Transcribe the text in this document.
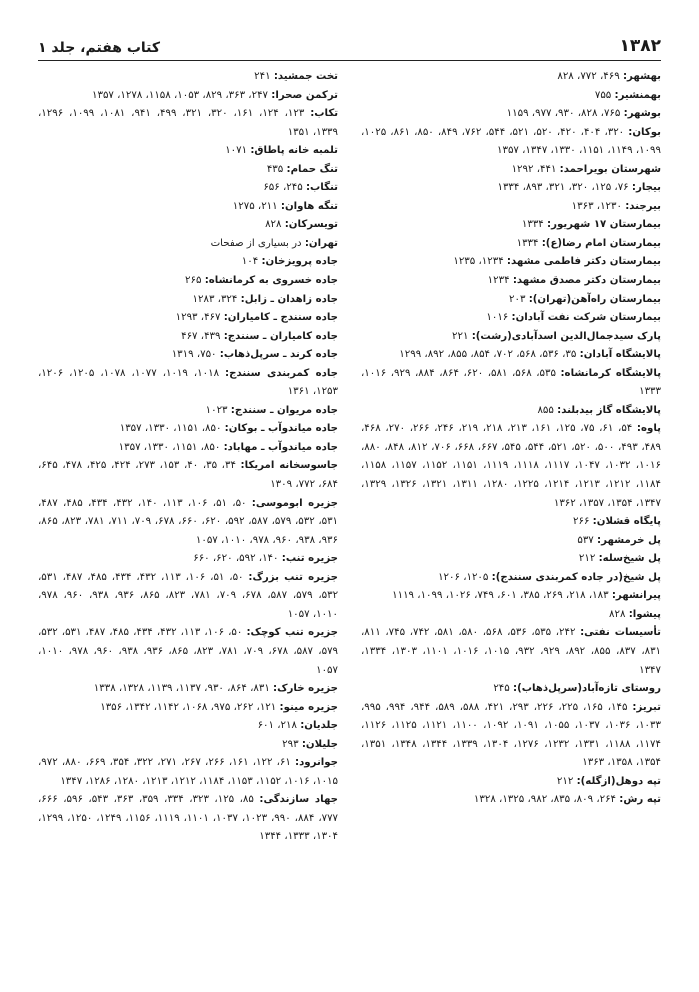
۱۳۸۲
کتاب هفتم، جلد ۱

بهشهر: ۴۶۹، ۷۷۲، ۸۲۸

بهمنشیر: ۷۵۵

بوشهر: ۷۶۵، ۸۲۸، ۹۳۰، ۹۷۷، ۱۱۵۹

بوکان: ۳۲۰، ۴۰۴، ۴۲۰، ۵۲۰، ۵۲۱، ۵۴۴، ۷۶۲، ۸۴۹، ۸۵۰، ۸۶۱، ۱۰۲۵، ۱۰۹۹، ۱۱۴۹، ۱۱۵۱، ۱۳۳۰، ۱۳۴۷، ۱۳۵۷

شهرستان بویراحمد: ۴۴۱، ۱۲۹۲

بیجار: ۷۶، ۱۲۵، ۳۲۰، ۳۲۱، ۸۹۳، ۱۳۳۴

بیرجند: ۱۲۳۰، ۱۳۶۳

بیمارستان ۱۷ شهریور: ۱۳۳۴

بیمارستان امام رضا(ع): ۱۳۳۴

بیمارستان دکتر فاطمی مشهد: ۱۲۳۴، ۱۲۳۵

بیمارستان دکتر مصدق مشهد: ۱۲۳۴

بیمارستان راه‌آهن(تهران): ۲۰۳

بیمارستان شرکت نفت آبادان: ۱۰۱۶

پارک سیدجمال‌الدین اسدآبادی(رشت): ۲۲۱

پالایشگاه آبادان: ۳۵، ۵۳۶، ۵۶۸، ۷۰۲، ۸۵۴، ۸۵۵، ۸۹۲، ۱۲۹۹

پالایشگاه کرمانشاه: ۵۳۵، ۵۶۸، ۵۸۱، ۶۲۰، ۸۶۴، ۸۸۴، ۹۲۹، ۱۰۱۶، ۱۳۳۳

پالایشگاه گاز بیدبلند: ۸۵۵

پاوه: ۵۴، ۶۱، ۷۵، ۱۲۵، ۱۶۱، ۲۱۳، ۲۱۸، ۲۱۹، ۲۴۶، ۲۶۶، ۲۷۰، ۴۶۸، ۴۸۹، ۴۹۳، ۵۰۰، ۵۲۰، ۵۲۱، ۵۴۴، ۵۴۵، ۶۶۷، ۶۶۸، ۷۰۶، ۸۱۲، ۸۴۸، ۸۸۰، ۱۰۱۶، ۱۰۳۲، ۱۰۴۷، ۱۱۱۷، ۱۱۱۸، ۱۱۱۹، ۱۱۵۱، ۱۱۵۲، ۱۱۵۷، ۱۱۵۸، ۱۱۸۴، ۱۲۱۲، ۱۲۱۳، ۱۲۱۴، ۱۲۲۵، ۱۲۸۰، ۱۳۱۱، ۱۳۲۱، ۱۳۲۶، ۱۳۲۹، ۱۳۴۷، ۱۳۵۴، ۱۳۵۷، ۱۳۶۲

پایگاه قشلان: ۲۶۶

پل خرمشهر: ۵۳۷

پل شیخ‌سله: ۲۱۲

پل شیخ(در جاده کمربندی سنندج): ۱۲۰۵، ۱۲۰۶

پیرانشهر: ۱۸۳، ۲۱۸، ۲۶۹، ۳۸۵، ۶۰۱، ۷۴۹، ۱۰۲۶، ۱۰۹۹، ۱۱۱۹

پیشوا: ۸۲۸

تأسیسات نفتی: ۲۴۲، ۵۳۵، ۵۳۶، ۵۶۸، ۵۸۰، ۵۸۱، ۷۴۲، ۷۴۵، ۸۱۱، ۸۳۱، ۸۳۷، ۸۵۵، ۸۹۲، ۹۲۹، ۹۳۲، ۱۰۱۵، ۱۰۱۶، ۱۱۰۱، ۱۳۰۳، ۱۳۳۴، ۱۳۴۷

روستای تازه‌آباد(سرپل‌ذهاب): ۲۴۵

تبریز: ۱۴۵، ۱۶۵، ۲۲۵، ۲۲۶، ۲۹۳، ۴۲۱، ۵۸۸، ۵۸۹، ۹۴۴، ۹۹۴، ۹۹۵، ۱۰۳۳، ۱۰۳۶، ۱۰۳۷، ۱۰۵۵، ۱۰۹۱، ۱۰۹۲، ۱۱۰۰، ۱۱۲۱، ۱۱۲۵، ۱۱۲۶، ۱۱۷۴، ۱۱۸۸، ۱۳۳۱، ۱۲۳۲، ۱۲۷۶، ۱۳۰۴، ۱۳۳۹، ۱۳۴۴، ۱۳۴۸، ۱۳۵۱، ۱۳۵۴، ۱۳۵۸، ۱۳۶۳

تپه دوهل(ازگله): ۲۱۲

تپه رش: ۲۶۴، ۸۰۹، ۸۳۵، ۹۸۲، ۱۳۲۵، ۱۳۲۸

تخت جمشید: ۲۴۱

ترکمن صحرا: ۲۴۷، ۳۶۳، ۸۲۹، ۱۰۵۳، ۱۱۵۸، ۱۲۷۸، ۱۳۵۷

تکاب: ۱۲۳، ۱۲۴، ۱۶۱، ۳۲۰، ۳۲۱، ۴۹۹، ۹۴۱، ۱۰۸۱، ۱۰۹۹، ۱۲۹۶، ۱۳۳۹، ۱۳۵۱

تلمبه خانه پاطاق: ۱۰۷۱

تنگ حمام: ۴۳۵

تنگاب: ۲۴۵، ۶۵۶

تنگه هاوان: ۲۱۱، ۱۲۷۵

تویسرکان: ۸۲۸

تهران: در بسیاری از صفحات

جاده پرویزخان: ۱۰۴

جاده خسروی به کرمانشاه: ۲۶۵

جاده زاهدان ـ زابل: ۳۲۴، ۱۲۸۳

جاده سنندج ـ کامیاران: ۴۶۷، ۱۲۹۳

جاده کامیاران ـ سنندج: ۴۳۹، ۴۶۷

جاده کرند ـ سرپل‌ذهاب: ۷۵۰، ۱۳۱۹

جاده کمربندی سنندج: ۱۰۱۸، ۱۰۱۹، ۱۰۷۷، ۱۰۷۸، ۱۲۰۵، ۱۲۰۶، ۱۲۵۳، ۱۳۶۱

جاده مریوان ـ سنندج: ۱۰۲۳

جاده میاندوآب ـ بوکان: ۸۵۰، ۱۱۵۱، ۱۳۳۰، ۱۳۵۷

جاده میاندوآب ـ مهاباد: ۸۵۰، ۱۱۵۱، ۱۳۳۰، ۱۳۵۷

جاسوسخانه امریکا: ۳۴، ۳۵، ۴۰، ۱۵۳، ۲۷۳، ۴۲۴، ۴۲۵، ۴۷۸، ۶۴۵، ۶۸۴، ۷۷۲، ۱۳۰۹

جزیره ابوموسی: ۵۰، ۵۱، ۱۰۶، ۱۱۳، ۱۴۰، ۴۳۲، ۴۳۴، ۴۸۵، ۴۸۷، ۵۳۱، ۵۳۲، ۵۷۹، ۵۸۷، ۵۹۲، ۶۲۰، ۶۶۰، ۶۷۸، ۷۰۹، ۷۱۱، ۷۸۱، ۸۲۳، ۸۶۵، ۹۳۶، ۹۳۸، ۹۶۰، ۹۷۸، ۱۰۱۰، ۱۰۵۷

جزیره تنب: ۱۴۰، ۵۹۲، ۶۲۰، ۶۶۰

جزیره تنب بزرگ: ۵۰، ۵۱، ۱۰۶، ۱۱۳، ۴۳۲، ۴۳۴، ۴۸۵، ۴۸۷، ۵۳۱، ۵۳۲، ۵۷۹، ۵۸۷، ۶۷۸، ۷۰۹، ۷۸۱، ۸۲۳، ۸۶۵، ۹۳۶، ۹۳۸، ۹۶۰، ۹۷۸، ۱۰۱۰، ۱۰۵۷

جزیره تنب کوچک: ۵۰، ۱۰۶، ۱۱۳، ۴۳۲، ۴۳۴، ۴۸۵، ۴۸۷، ۵۳۱، ۵۳۲، ۵۷۹، ۵۸۷، ۶۷۸، ۷۰۹، ۷۸۱، ۸۲۳، ۸۶۵، ۹۳۶، ۹۳۸، ۹۶۰، ۹۷۸، ۱۰۱۰، ۱۰۵۷

جزیره خارک: ۸۳۱، ۸۶۴، ۹۳۰، ۱۱۳۷، ۱۱۳۹، ۱۳۲۸، ۱۳۳۸

جزیره مینو: ۱۲۱، ۲۶۲، ۹۷۵، ۱۰۶۸، ۱۱۴۲، ۱۳۴۲، ۱۳۵۶

جلدیان: ۲۱۸، ۶۰۱

جلیلان: ۲۹۳

جوانرود: ۶۱، ۱۲۲، ۱۶۱، ۲۶۶، ۲۶۷، ۲۷۱، ۳۲۲، ۳۵۴، ۶۶۹، ۸۸۰، ۹۷۲، ۱۰۱۵، ۱۰۱۶، ۱۱۵۲، ۱۱۵۳، ۱۱۸۴، ۱۲۱۲، ۱۲۱۳، ۱۲۸۰، ۱۲۸۶، ۱۳۴۷

جهاد سازندگی: ۸۵، ۱۲۵، ۳۲۳، ۳۳۴، ۳۵۹، ۳۶۳، ۵۴۳، ۵۹۶، ۶۶۶، ۷۷۷، ۸۸۴، ۹۹۰، ۱۰۲۳، ۱۰۳۷، ۱۱۰۱، ۱۱۱۹، ۱۱۵۶، ۱۲۴۹، ۱۲۵۰، ۱۲۹۹، ۱۳۰۴، ۱۳۳۳، ۱۳۴۴
